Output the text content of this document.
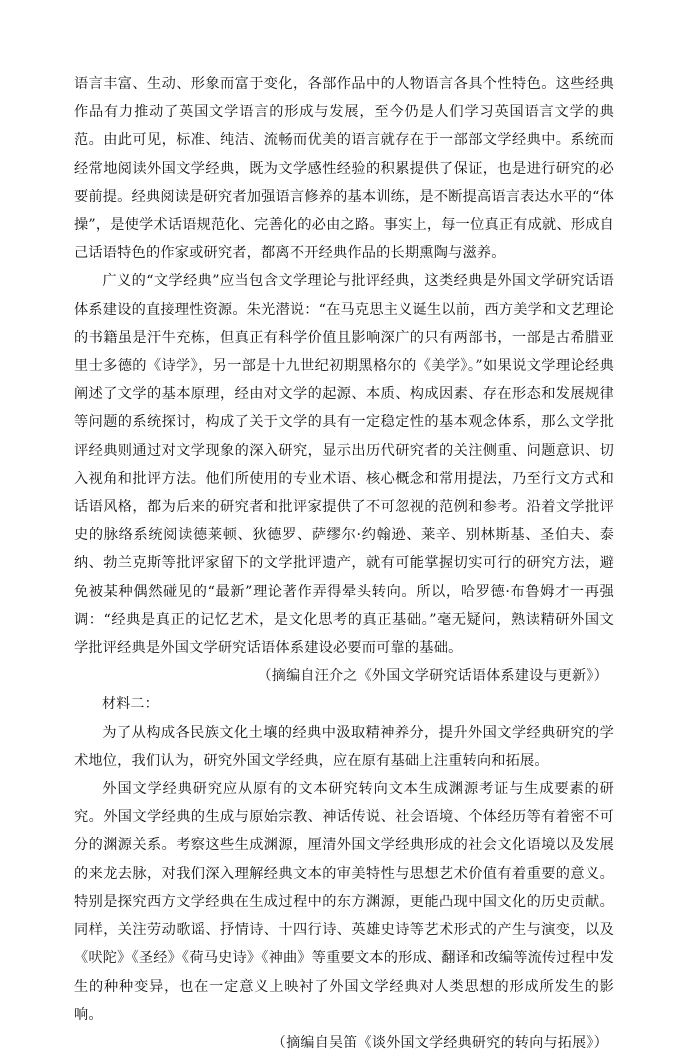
语言丰富、生动、形象而富于变化，各部作品中的人物语言各具个性特色。这些经典作品有力推动了英国文学语言的形成与发展，至今仍是人们学习英国语言文学的典范。由此可见，标准、纯洁、流畅而优美的语言就存在于一部部文学经典中。系统而经常地阅读外国文学经典，既为文学感性经验的积累提供了保证，也是进行研究的必要前提。经典阅读是研究者加强语言修养的基本训练，是不断提高语言表达水平的“体操”，是使学术话语规范化、完善化的必由之路。事实上，每一位真正有成就、形成自己话语特色的作家或研究者，都离不开经典作品的长期熏陶与滋养。

广义的“文学经典”应当包含文学理论与批评经典，这类经典是外国文学研究话语体系建设的直接理性资源。朱光潜说：“在马克思主义诞生以前，西方美学和文艺理论的书籍虽是汗牛充栋，但真正有科学价值且影响深广的只有两部书，一部是古希腊亚里士多德的《诗学》，另一部是十九世纪初期黑格尔的《美学》。”如果说文学理论经典阐述了文学的基本原理，经由对文学的起源、本质、构成因素、存在形态和发展规律等问题的系统探讨，构成了关于文学的具有一定稳定性的基本观念体系，那么文学批评经典则通过对文学现象的深入研究，显示出历代研究者的关注侧重、问题意识、切入视角和批评方法。他们所使用的专业术语、核心概念和常用提法，乃至行文方式和话语风格，都为后来的研究者和批评家提供了不可忽视的范例和参考。沿着文学批评史的脉络系统阅读德莱顿、狄德罗、萨缪尔·约翰逊、莱辛、别林斯基、圣伯夫、泰纳、勃兰克斯等批评家留下的文学批评遗产，就有可能掌握切实可行的研究方法，避免被某种偶然碰见的“最新”理论著作弄得晕头转向。所以，哈罗德·布鲁姆才一再强调：“经典是真正的记忆艺术，是文化思考的真正基础。”毫无疑问，熟读精研外国文学批评经典是外国文学研究话语体系建设必要而可靠的基础。

（摘编自汪介之《外国文学研究话语体系建设与更新》）

材料二：

为了从构成各民族文化土壤的经典中汲取精神养分，提升外国文学经典研究的学术地位，我们认为，研究外国文学经典，应在原有基础上注重转向和拓展。

外国文学经典研究应从原有的文本研究转向文本生成渊源考证与生成要素的研究。外国文学经典的生成与原始宗教、神话传说、社会语境、个体经历等有着密不可分的渊源关系。考察这些生成渊源，厘清外国文学经典形成的社会文化语境以及发展的来龙去脉，对我们深入理解经典文本的审美特性与思想艺术价值有着重要的意义。特别是探究西方文学经典在生成过程中的东方渊源，更能凸现中国文化的历史贡献。同样，关注劳动歌谣、抒情诗、十四行诗、英雄史诗等艺术形式的产生与演变，以及《吠陀》《圣经》《荷马史诗》《神曲》等重要文本的形成、翻译和改编等流传过程中发生的种种变异，也在一定意义上映衬了外国文学经典对人类思想的形成所发生的影响。

（摘编自吴笛《谈外国文学经典研究的转向与拓展》）
